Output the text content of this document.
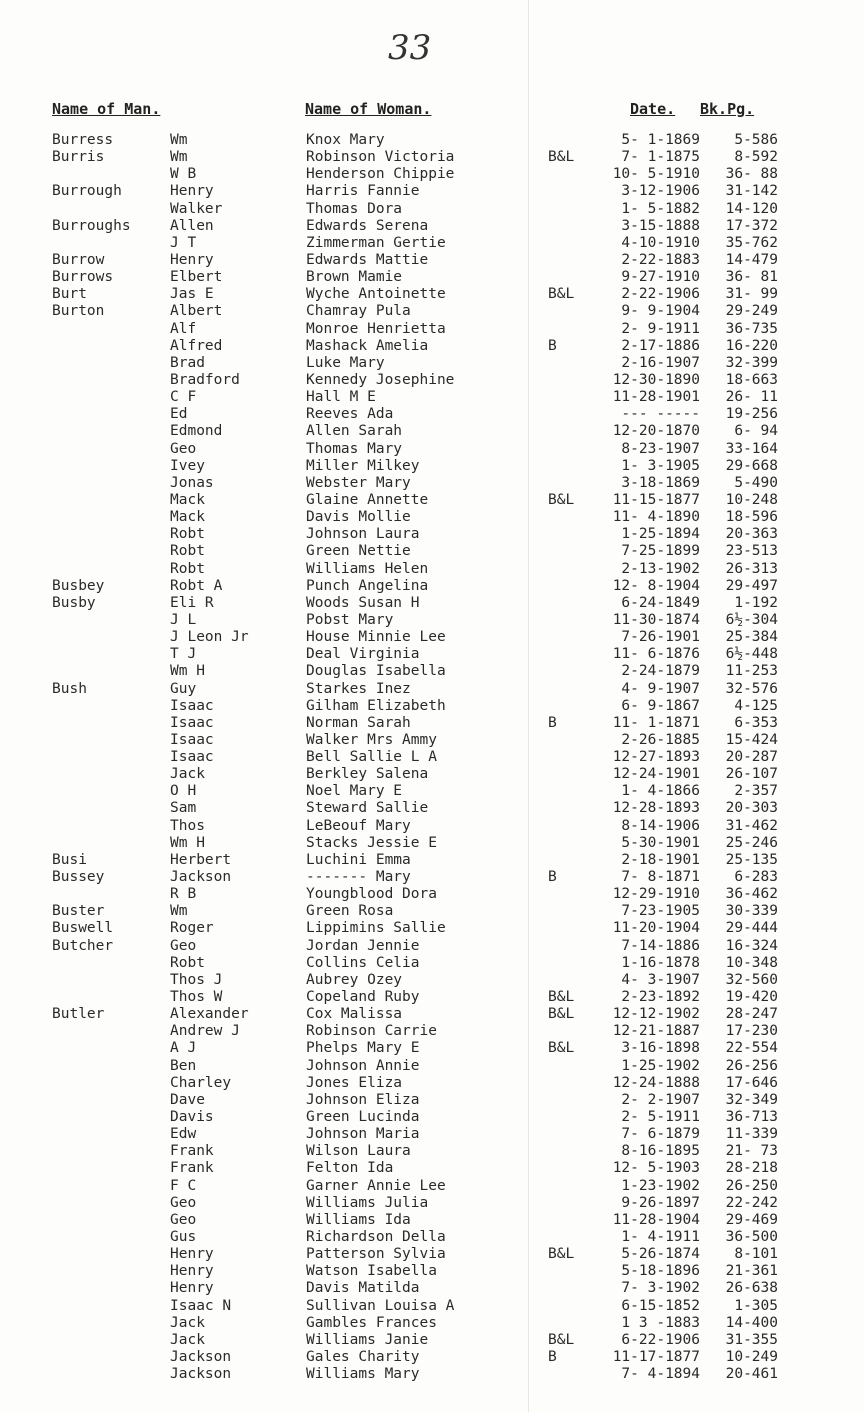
33
Name of Man.	Name of Woman.	Date. Bk.Pg.
Burress	Wm	Knox Mary	5- 1-1869	5-586
Burris	Wm	Robinson Victoria	B&L	7- 1-1875	8-592
W B	Henderson Chippie	10- 5-1910	36- 88
Burrough	Henry	Harris Fannie	3-12-1906	31-142
Walker	Thomas Dora	1- 5-1882	14-120
Burroughs	Allen	Edwards Serena	3-15-1888	17-372
J T	Zimmerman Gertie	4-10-1910	35-762
Burrow	Henry	Edwards Mattie	2-22-1883	14-479
Burrows	Elbert	Brown Mamie	9-27-1910	36- 81
Burt	Jas E	Wyche Antoinette	B&L	2-22-1906	31- 99
Burton	Albert	Chamray Pula	9- 9-1904	29-249
Alf	Monroe Henrietta	2- 9-1911	36-735
Alfred	Mashack Amelia	B	2-17-1886	16-220
Brad	Luke Mary	2-16-1907	32-399
Bradford	Kennedy Josephine	12-30-1890	18-663
C F	Hall M E	11-28-1901	26- 11
Ed	Reeves Ada	--- -----	19-256
Edmond	Allen Sarah	12-20-1870	6- 94
Geo	Thomas Mary	8-23-1907	33-164
Ivey	Miller Milkey	1- 3-1905	29-668
Jonas	Webster Mary	3-18-1869	5-490
Mack	Glaine Annette	B&L	11-15-1877	10-248
Mack	Davis Mollie	11- 4-1890	18-596
Robt	Johnson Laura	1-25-1894	20-363
Robt	Green Nettie	7-25-1899	23-513
Robt	Williams Helen	2-13-1902	26-313
Busbey	Robt A	Punch Angelina	12- 8-1904	29-497
Busby	Eli R	Woods Susan H	6-24-1849	1-192
J L	Pobst Mary	11-30-1874	6½-304
J Leon Jr	House Minnie Lee	7-26-1901	25-384
T J	Deal Virginia	11- 6-1876	6½-448
Wm H	Douglas Isabella	2-24-1879	11-253
Bush	Guy	Starkes Inez	4- 9-1907	32-576
Isaac	Gilham Elizabeth	6- 9-1867	4-125
Isaac	Norman Sarah	B	11- 1-1871	6-353
Isaac	Walker Mrs Ammy	2-26-1885	15-424
Isaac	Bell Sallie L A	12-27-1893	20-287
Jack	Berkley Salena	12-24-1901	26-107
O H	Noel Mary E	1- 4-1866	2-357
Sam	Steward Sallie	12-28-1893	20-303
Thos	LeBeouf Mary	8-14-1906	31-462
Wm H	Stacks Jessie E	5-30-1901	25-246
Busi	Herbert	Luchini Emma	2-18-1901	25-135
Bussey	Jackson	------- Mary	B	7- 8-1871	6-283
R B	Youngblood Dora	12-29-1910	36-462
Buster	Wm	Green Rosa	7-23-1905	30-339
Buswell	Roger	Lippimins Sallie	11-20-1904	29-444
Butcher	Geo	Jordan Jennie	7-14-1886	16-324
Robt	Collins Celia	1-16-1878	10-348
Thos J	Aubrey Ozey	4- 3-1907	32-560
Thos W	Copeland Ruby	B&L	2-23-1892	19-420
Butler	Alexander	Cox Malissa	B&L	12-12-1902	28-247
Andrew J	Robinson Carrie	12-21-1887	17-230
A J	Phelps Mary E	B&L	3-16-1898	22-554
Ben	Johnson Annie	1-25-1902	26-256
Charley	Jones Eliza	12-24-1888	17-646
Dave	Johnson Eliza	2- 2-1907	32-349
Davis	Green Lucinda	2- 5-1911	36-713
Edw	Johnson Maria	7- 6-1879	11-339
Frank	Wilson Laura	8-16-1895	21- 73
Frank	Felton Ida	12- 5-1903	28-218
F C	Garner Annie Lee	1-23-1902	26-250
Geo	Williams Julia	9-26-1897	22-242
Geo	Williams Ida	11-28-1904	29-469
Gus	Richardson Della	1- 4-1911	36-500
Henry	Patterson Sylvia	B&L	5-26-1874	8-101
Henry	Watson Isabella	5-18-1896	21-361
Henry	Davis Matilda	7- 3-1902	26-638
Isaac N	Sullivan Louisa A	6-15-1852	1-305
Jack	Gambles Frances	1 3 -1883	14-400
Jack	Williams Janie	B&L	6-22-1906	31-355
Jackson	Gales Charity	B	11-17-1877	10-249
Jackson	Williams Mary	7- 4-1894	20-461
